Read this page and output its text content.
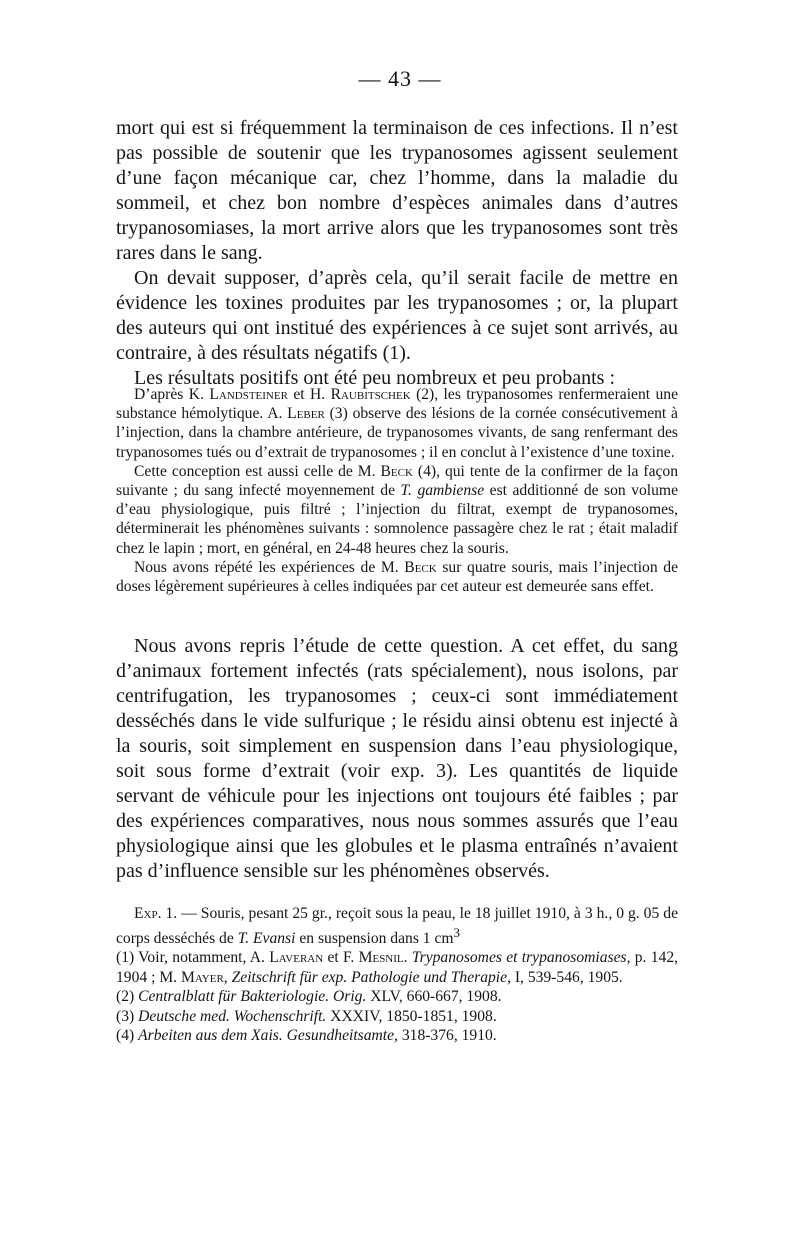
— 43 —

mort qui est si fréquemment la terminaison de ces infections. Il n’est pas possible de soutenir que les trypanosomes agissent seulement d’une façon mécanique car, chez l’homme, dans la maladie du sommeil, et chez bon nombre d’espèces animales dans d’autres trypanosomiases, la mort arrive alors que les trypanosomes sont très rares dans le sang.

On devait supposer, d’après cela, qu’il serait facile de mettre en évidence les toxines produites par les trypanosomes ; or, la plupart des auteurs qui ont institué des expériences à ce sujet sont arrivés, au contraire, à des résultats négatifs (1).

Les résultats positifs ont été peu nombreux et peu probants :

D’après K. Landsteiner et H. Raubitschek (2), les trypanosomes renfermeraient une substance hémolytique. A. Leber (3) observe des lésions de la cornée consécutivement à l’injection, dans la chambre antérieure, de trypanosomes vivants, de sang renfermant des trypanosomes tués ou d’extrait de trypanosomes ; il en conclut à l’existence d’une toxine.

Cette conception est aussi celle de M. Beck (4), qui tente de la confirmer de la façon suivante ; du sang infecté moyennement de T. gambiense est additionné de son volume d’eau physiologique, puis filtré ; l’injection du filtrat, exempt de trypanosomes, déterminerait les phénomènes suivants : somnolence passagère chez le rat ; était maladif chez le lapin ; mort, en général, en 24-48 heures chez la souris.

Nous avons répété les expériences de M. Beck sur quatre souris, mais l’injection de doses légèrement supérieures à celles indiquées par cet auteur est demeurée sans effet.

Nous avons repris l’étude de cette question. A cet effet, du sang d’animaux fortement infectés (rats spécialement), nous isolons, par centrifugation, les trypanosomes ; ceux-ci sont immédiatement desséchés dans le vide sulfurique ; le résidu ainsi obtenu est injecté à la souris, soit simplement en suspension dans l’eau physiologique, soit sous forme d’extrait (voir exp. 3). Les quantités de liquide servant de véhicule pour les injections ont toujours été faibles ; par des expériences comparatives, nous nous sommes assurés que l’eau physiologique ainsi que les globules et le plasma entraînés n’avaient pas d’influence sensible sur les phénomènes observés.

Exp. 1. — Souris, pesant 25 gr., reçoit sous la peau, le 18 juillet 1910, à 3 h., 0 g. 05 de corps desséchés de T. Evansi en suspension dans 1 $cm^3$

(1) Voir, notamment, A. Laveran et F. Mesnil. Trypanosomes et trypanosomiases, p. 142, 1904 ; M. Mayer, Zeitschrift für exp. Pathologie und Therapie, I, 539-546, 1905.

(2) Centralblatt für Bakteriologie. Orig. XLV, 660-667, 1908.

(3) Deutsche med. Wochenschrift. XXXIV, 1850-1851, 1908.

(4) Arbeiten aus dem Xais. Gesundheitsamte, 318-376, 1910.
